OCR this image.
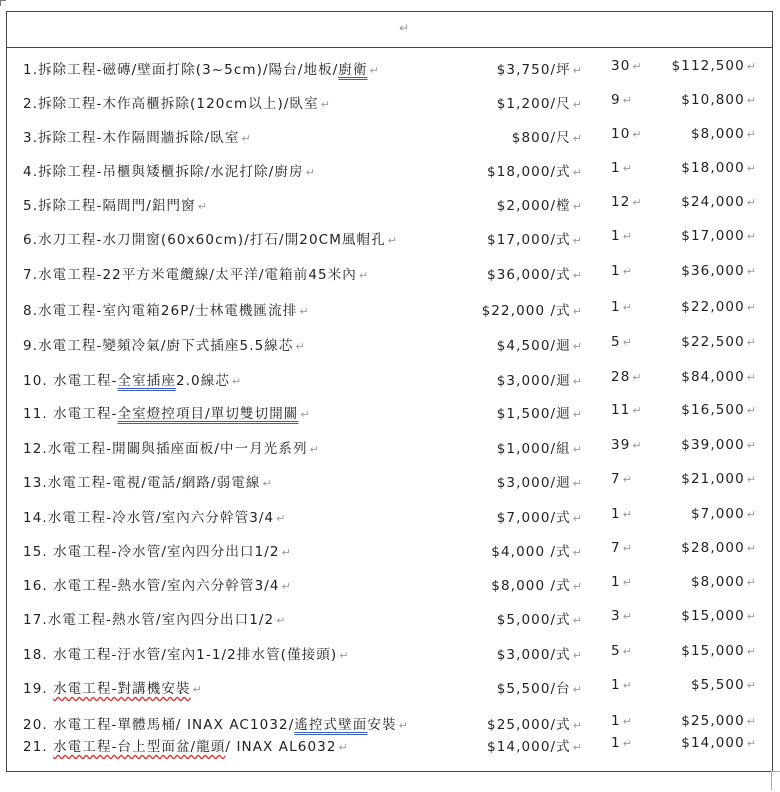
↵
1.拆除工程-磁磚/壁面打除(3~5cm)/陽台/地板/廚衛 ↵	$3,750/坪 ↵ 30 ↵	$112,500 ↵
2.拆除工程-木作高櫃拆除(120cm以上)/臥室 ↵	$1,200/尺 ↵ 9 ↵	$10,800 ↵
3.拆除工程-木作隔間牆拆除/臥室 ↵	$800/尺 ↵ 10 ↵	$8,000 ↵
4.拆除工程-吊櫃與矮櫃拆除/水泥打除/廚房 ↵	$18,000/式 ↵ 1 ↵	$18,000 ↵
5.拆除工程-隔間門/鋁門窗 ↵	$2,000/樘 ↵ 12 ↵	$24,000 ↵
6.水刀工程-水刀開窗(60x60cm)/打石/開20CM風帽孔 ↵	$17,000/式 ↵ 1 ↵	$17,000 ↵
7.水電工程-22平方米電纜線/太平洋/電箱前45米內 ↵	$36,000/式 ↵ 1 ↵	$36,000 ↵
8.水電工程-室內電箱26P/士林電機匯流排 ↵	$22,000 /式 ↵ 1 ↵	$22,000 ↵
9.水電工程-變頻冷氣/廚下式插座5.5線芯 ↵	$4,500/迴 ↵ 5 ↵	$22,500 ↵
10. 水電工程-全室插座2.0線芯 ↵	$3,000/迴 ↵ 28 ↵	$84,000 ↵
11. 水電工程-全室燈控項目/單切雙切開關 ↵	$1,500/迴 ↵ 11 ↵	$16,500 ↵
12.水電工程-開關與插座面板/中一月光系列 ↵	$1,000/組 ↵ 39 ↵	$39,000 ↵
13.水電工程-電視/電話/網路/弱電線 ↵	$3,000/迴 ↵ 7 ↵	$21,000 ↵
14.水電工程-冷水管/室內六分幹管3/4 ↵	$7,000/式 ↵ 1 ↵	$7,000 ↵
15. 水電工程-冷水管/室內四分出口1/2 ↵	$4,000 /式 ↵ 7 ↵	$28,000 ↵
16. 水電工程-熱水管/室內六分幹管3/4 ↵	$8,000 /式 ↵ 1 ↵	$8,000 ↵
17.水電工程-熱水管/室內四分出口1/2 ↵	$5,000/式 ↵ 3 ↵	$15,000 ↵
18. 水電工程-汙水管/室內1-1/2排水管(僅接頭) ↵	$3,000/式 ↵ 5 ↵	$15,000 ↵
19. 水電工程-對講機安裝 ↵	$5,500/台 ↵ 1 ↵	$5,500 ↵
20. 水電工程-單體馬桶/ INAX AC1032/遙控式壁面安裝 ↵	$25,000/式 ↵ 1 ↵	$25,000 ↵
21. 水電工程-台上型面盆/龍頭/ INAX AL6032 ↵	$14,000/式 ↵ 1 ↵	$14,000 ↵
